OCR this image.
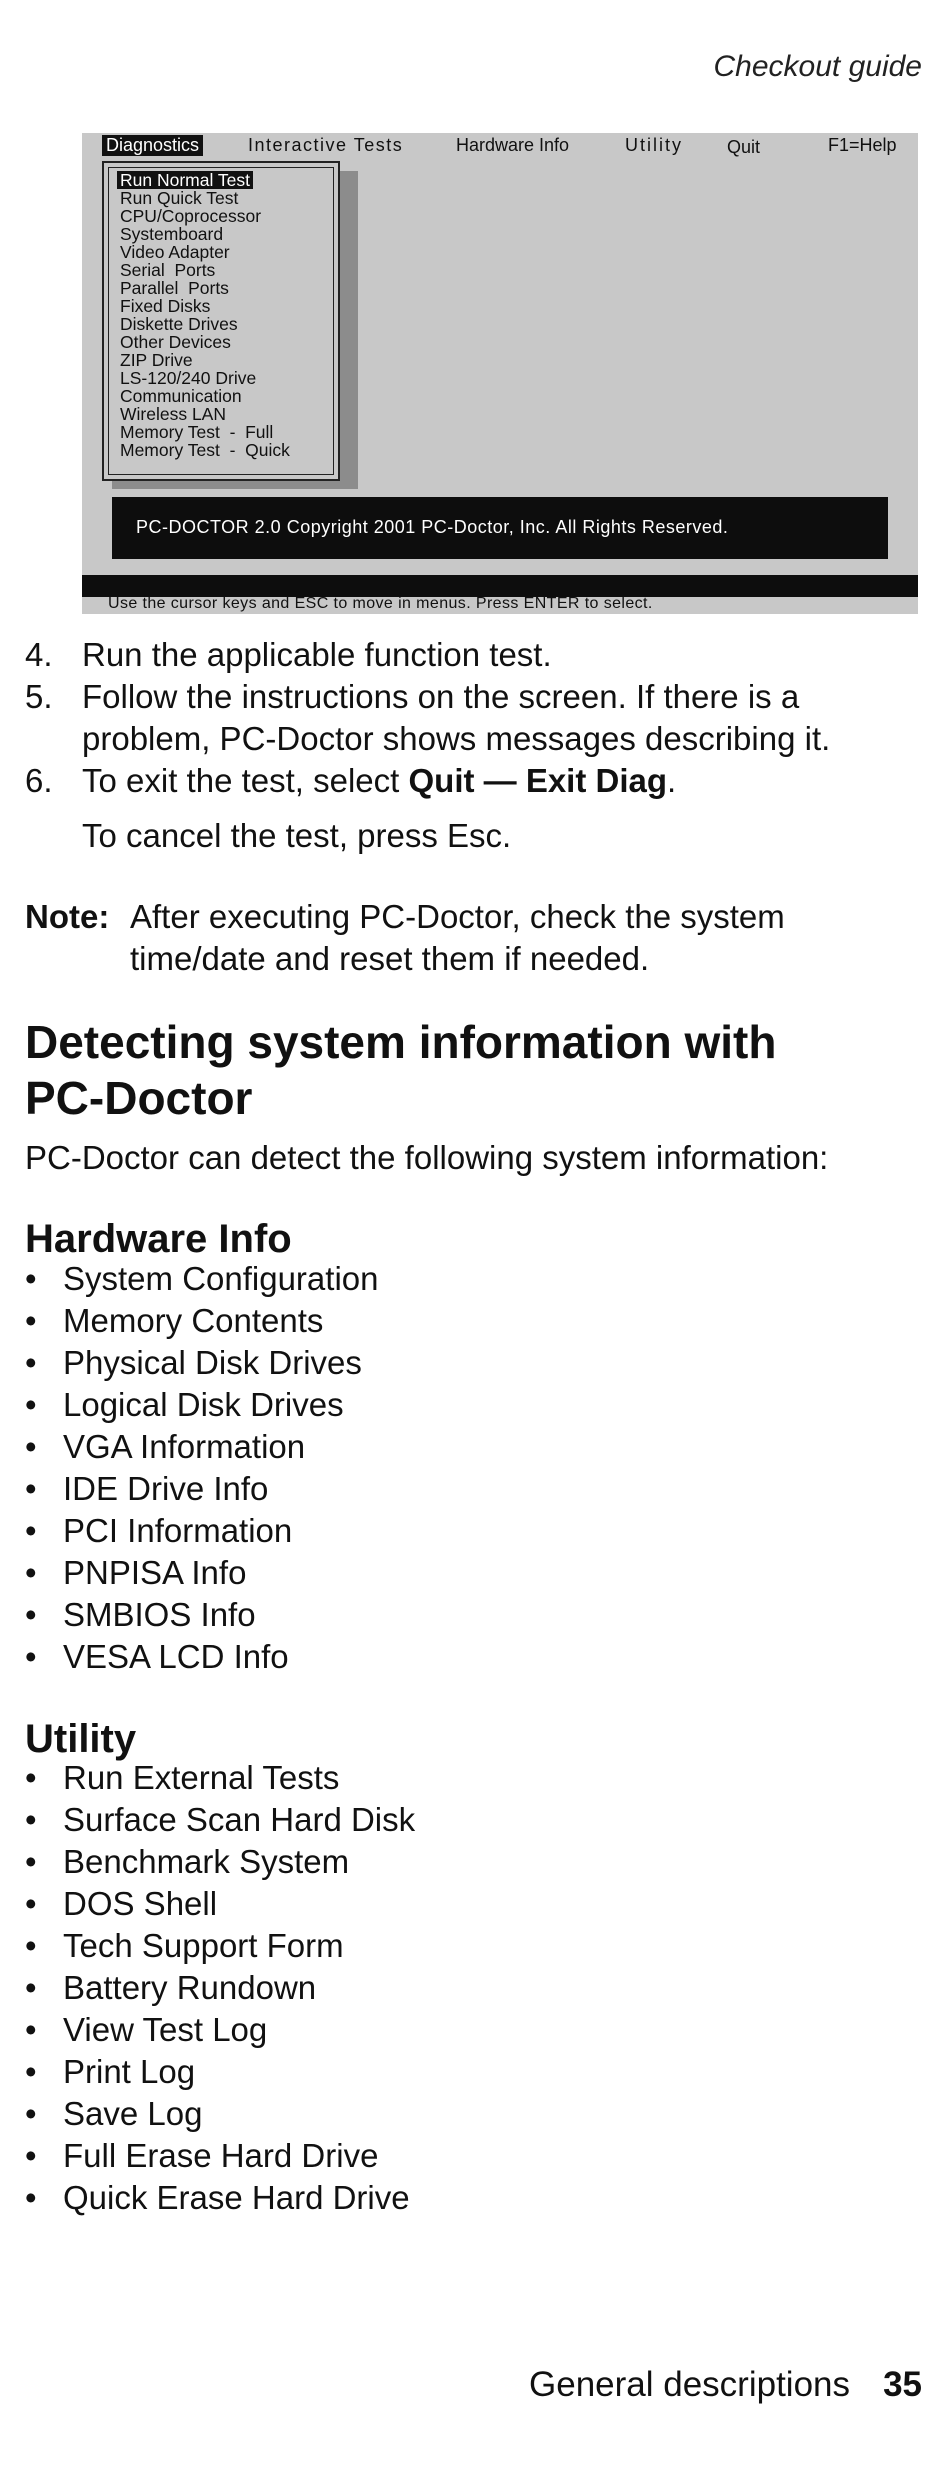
Checkout guide
Diagnostics	Interactive Tests	Hardware Info	Utility Quit	F1=Help
Run Normal Test
Run Quick Test
CPU/Coprocessor
Systemboard
Video Adapter
Serial  Ports
Parallel  Ports
Fixed Disks
Diskette Drives
Other Devices
ZIP Drive
LS-120/240 Drive
Communication
Wireless LAN
Memory Test  -  Full
Memory Test  -  Quick
PC-DOCTOR 2.0 Copyright 2001 PC-Doctor, Inc. All Rights Reserved.
Use the cursor keys and ESC to move in menus. Press ENTER to select.
4. Run the applicable function test.
5. Follow the instructions on the screen. If there is a
problem, PC-Doctor shows messages describing it.
6. To exit the test, select Quit — Exit Diag.
To cancel the test, press Esc.
Note: After executing PC-Doctor, check the system
time/date and reset them if needed.
Detecting system information with
PC-Doctor
PC-Doctor can detect the following system information:
Hardware Info
• System Configuration
• Memory Contents
• Physical Disk Drives
• Logical Disk Drives
• VGA Information
• IDE Drive Info
• PCI Information
• PNPISA Info
• SMBIOS Info
• VESA LCD Info
Utility
• Run External Tests
• Surface Scan Hard Disk
• Benchmark System
• DOS Shell
• Tech Support Form
• Battery Rundown
• View Test Log
• Print Log
• Save Log
• Full Erase Hard Drive
• Quick Erase Hard Drive
General descriptions 35
